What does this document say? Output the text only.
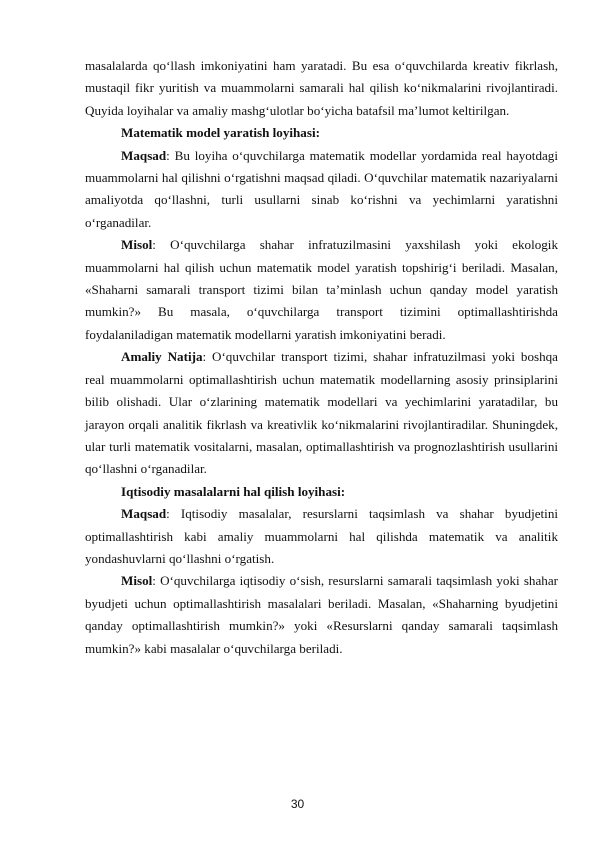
masalalarda qo‘llash imkoniyatini ham yaratadi. Bu esa o‘quvchilarda kreativ fikrlash, mustaqil fikr yuritish va muammolarni samarali hal qilish ko‘nikmalarini rivojlantiradi. Quyida loyihalar va amaliy mashg‘ulotlar bo‘yicha batafsil ma’lumot keltirilgan.

Matematik model yaratish loyihasi:

Maqsad: Bu loyiha o‘quvchilarga matematik modellar yordamida real hayotdagi muammolarni hal qilishni o‘rgatishni maqsad qiladi. O‘quvchilar matematik nazariyalarni amaliyotda qo‘llashni, turli usullarni sinab ko‘rishni va yechimlarni yaratishni o‘rganadilar.

Misol: O‘quvchilarga shahar infratuzilmasini yaxshilash yoki ekologik muammolarni hal qilish uchun matematik model yaratish topshirig‘i beriladi. Masalan, «Shaharni samarali transport tizimi bilan ta’minlash uchun qanday model yaratish mumkin?» Bu masala, o‘quvchilarga transport tizimini optimallashtirishda foydalaniladigan matematik modellarni yaratish imkoniyatini beradi.

Amaliy Natija: O‘quvchilar transport tizimi, shahar infratuzilmasi yoki boshqa real muammolarni optimallashtirish uchun matematik modellarning asosiy prinsiplarini bilib olishadi. Ular o‘zlarining matematik modellari va yechimlarini yaratadilar, bu jarayon orqali analitik fikrlash va kreativlik ko‘nikmalarini rivojlantiradilar. Shuningdek, ular turli matematik vositalarni, masalan, optimallashtirish va prognozlashtirish usullarini qo‘llashni o‘rganadilar.

Iqtisodiy masalalarni hal qilish loyihasi:

Maqsad: Iqtisodiy masalalar, resurslarni taqsimlash va shahar byudjetini optimallashtirish kabi amaliy muammolarni hal qilishda matematik va analitik yondashuvlarni qo‘llashni o‘rgatish.

Misol: O‘quvchilarga iqtisodiy o‘sish, resurslarni samarali taqsimlash yoki shahar byudjeti uchun optimallashtirish masalalari beriladi. Masalan, «Shaharning byudjetini qanday optimallashtirish mumkin?» yoki «Resurslarni qanday samarali taqsimlash mumkin?» kabi masalalar o‘quvchilarga beriladi.

30
